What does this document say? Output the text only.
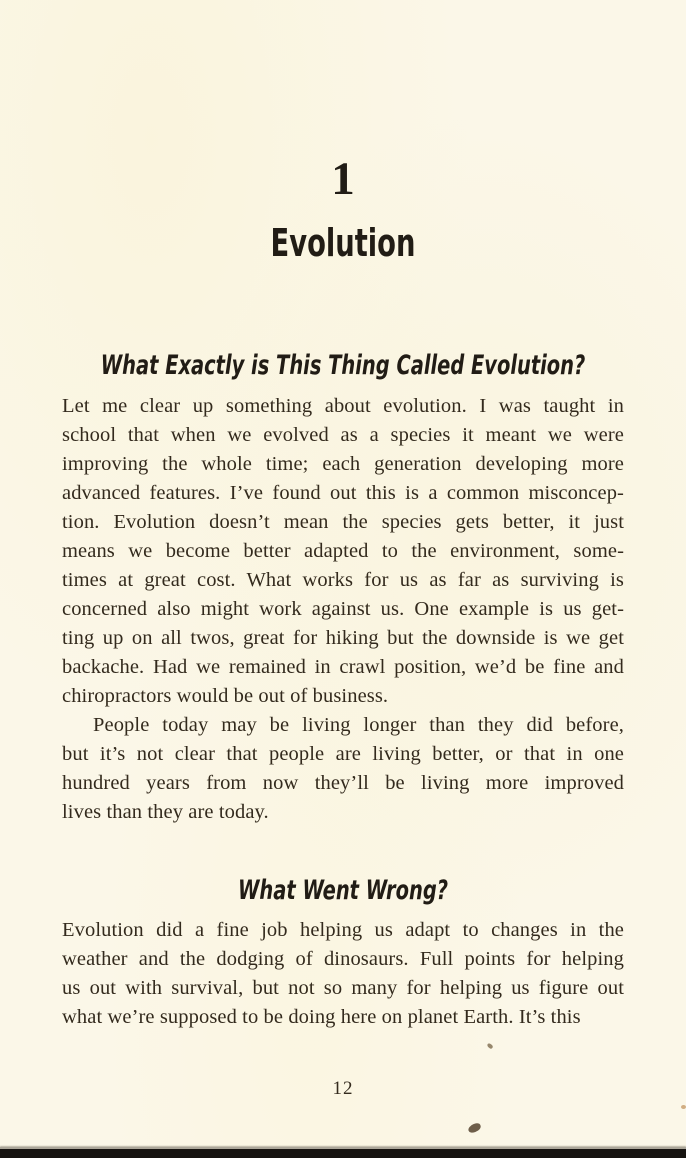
1
Evolution
What Exactly is This Thing Called Evolution?
Let me clear up something about evolution. I was taught in
school that when we evolved as a species it meant we were
improving the whole time; each generation developing more
advanced features. I’ve found out this is a common misconcep-
tion. Evolution doesn’t mean the species gets better, it just
means we become better adapted to the environment, some-
times at great cost. What works for us as far as surviving is
concerned also might work against us. One example is us get-
ting up on all twos, great for hiking but the downside is we get
backache. Had we remained in crawl position, we’d be fine and
chiropractors would be out of business.
People today may be living longer than they did before,
but it’s not clear that people are living better, or that in one
hundred years from now they’ll be living more improved
lives than they are today.
What Went Wrong?
Evolution did a fine job helping us adapt to changes in the
weather and the dodging of dinosaurs. Full points for helping
us out with survival, but not so many for helping us figure out
what we’re supposed to be doing here on planet Earth. It’s this
12
